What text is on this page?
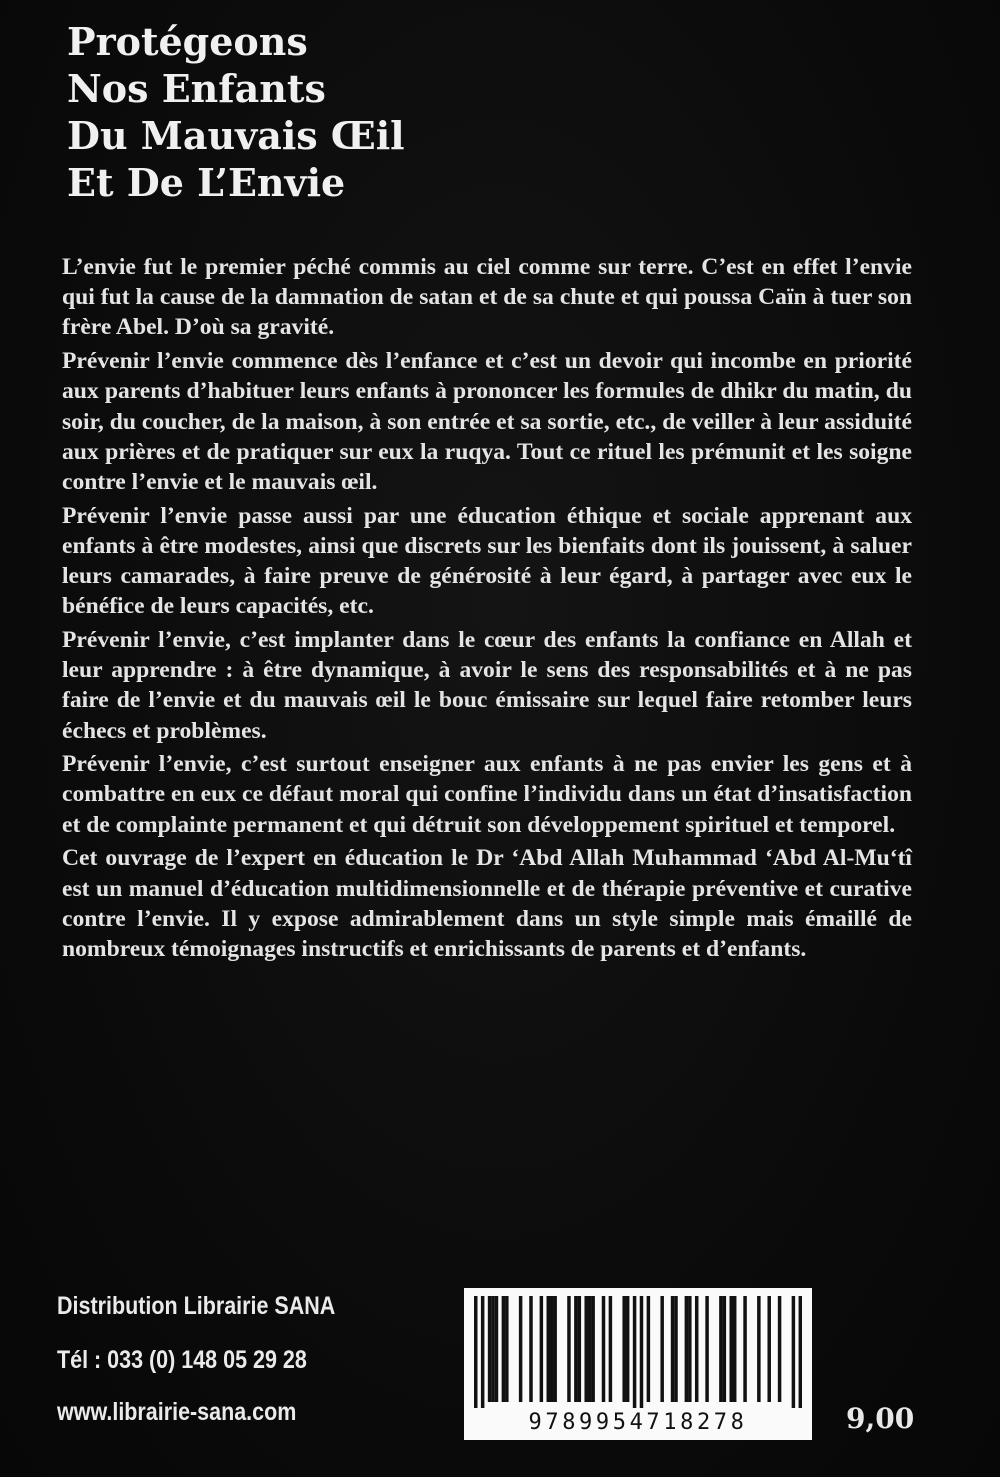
Protégeons
Nos Enfants
Du Mauvais Œil
Et De L’Envie

L’envie fut le premier péché commis au ciel comme sur terre. C’est en effet l’envie qui fut la cause de la damnation de satan et de sa chute et qui poussa Caïn à tuer son frère Abel. D’où sa gravité.

Prévenir l’envie commence dès l’enfance et c’est un devoir qui incombe en priorité aux parents d’habituer leurs enfants à prononcer les formules de dhikr du matin, du soir, du coucher, de la maison, à son entrée et sa sortie, etc., de veiller à leur assiduité aux prières et de pratiquer sur eux la ruqya. Tout ce rituel les prémunit et les soigne contre l’envie et le mauvais œil.

Prévenir l’envie passe aussi par une éducation éthique et sociale apprenant aux enfants à être modestes, ainsi que discrets sur les bienfaits dont ils jouissent, à saluer leurs camarades, à faire preuve de générosité à leur égard, à partager avec eux le bénéfice de leurs capacités, etc.

Prévenir l’envie, c’est implanter dans le cœur des enfants la confiance en Allah et leur apprendre : à être dynamique, à avoir le sens des responsabilités et à ne pas faire de l’envie et du mauvais œil le bouc émissaire sur lequel faire retomber leurs échecs et problèmes.

Prévenir l’envie, c’est surtout enseigner aux enfants à ne pas envier les gens et à combattre en eux ce défaut moral qui confine l’individu dans un état d’insatisfaction et de complainte permanent et qui détruit son développement spirituel et temporel.

Cet ouvrage de l’expert en éducation le Dr ‘Abd Allah Muhammad ‘Abd Al-Mu‘tî est un manuel d’éducation multidimensionnelle et de thérapie préventive et curative contre l’envie. Il y expose admirablement dans un style simple mais émaillé de nombreux témoignages instructifs et enrichissants de parents et d’enfants.

Distribution Librairie SANA
Tél : 033 (0) 148 05 29 28
www.librairie-sana.com	9789954718278	9,00
